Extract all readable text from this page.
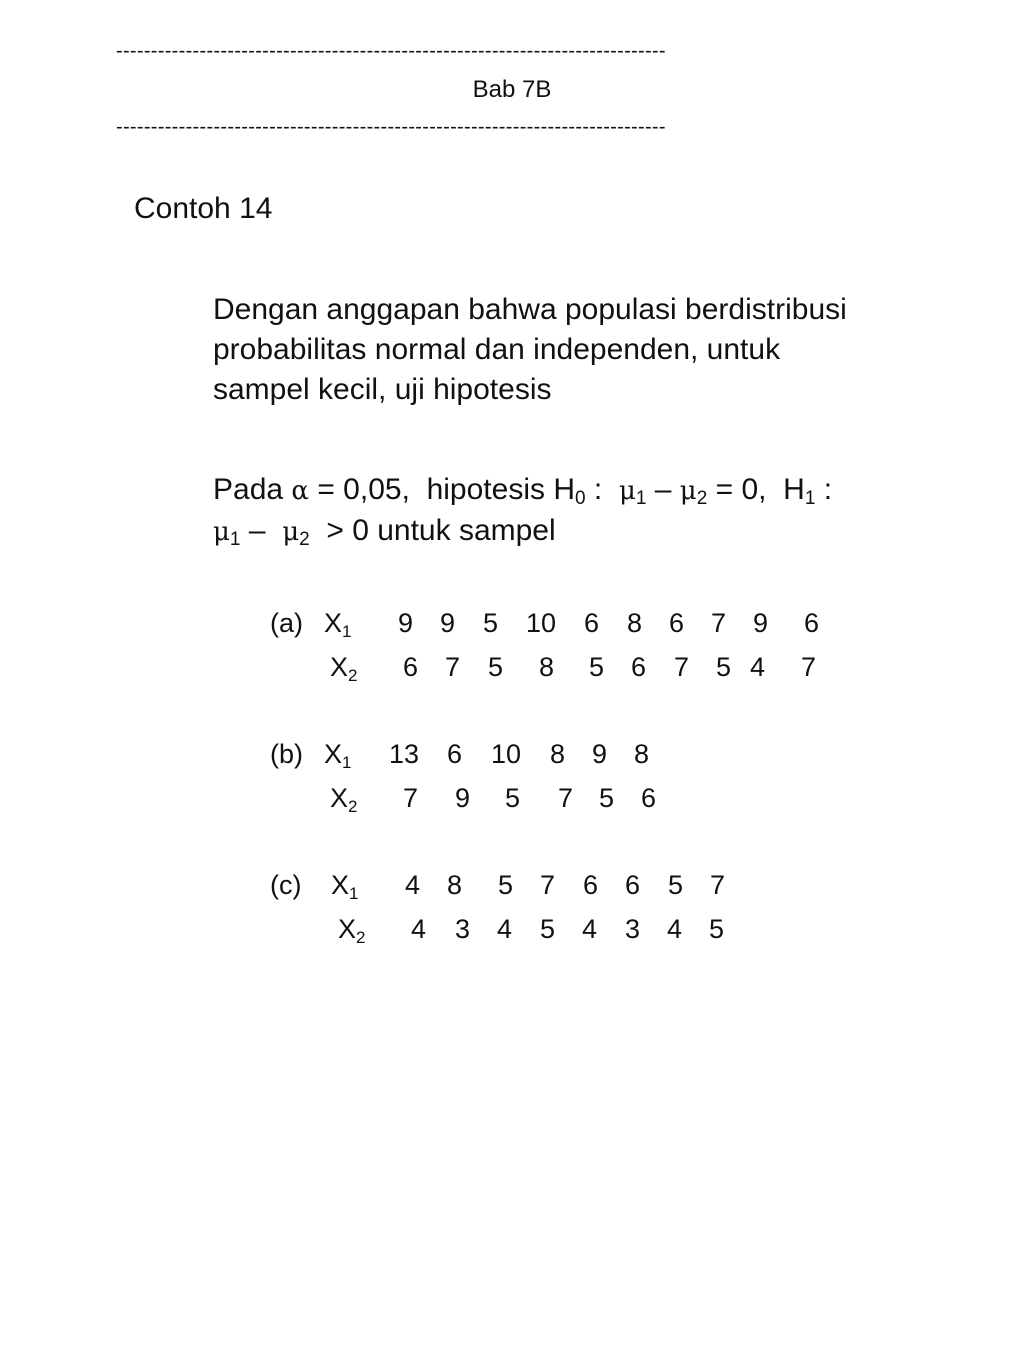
-------------------------------------------------------------------------------
Bab 7B
-------------------------------------------------------------------------------
Contoh 14
Dengan anggapan bahwa populasi berdistribusi
probabilitas normal dan independen, untuk
sampel kecil, uji hipotesis
Pada α = 0,05, hipotesis $H_0$ : $\mu_1 - \mu_2 = 0$, $H_1$ :
$\mu_1 - \mu_2 > 0$ untuk sampel
(a) $X_1$
$X_2$
9 9 5 10 6 8 6 7 9 6
6 7 5 8 5 6 7 5 4 7
(b) $X_1$
$X_2$
13 6 10 8 9 8
7 9 5 7 5 6
(c) $X_1$
$X_2$
4 8 5 7 6 6 5 7
4 3 4 5 4 3 4 5
